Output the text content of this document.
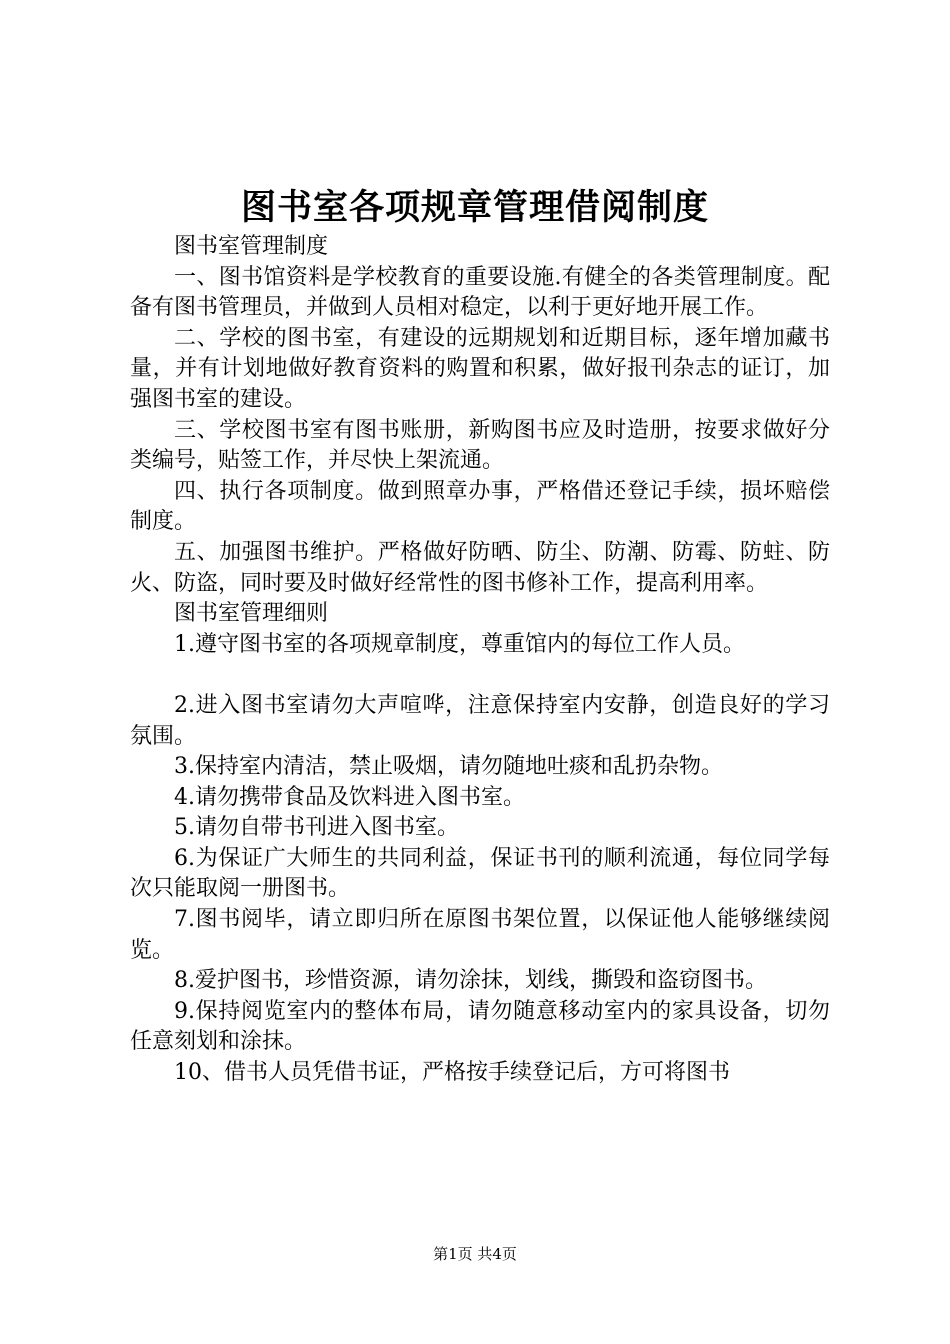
图书室各项规章管理借阅制度

图书室管理制度

一、图书馆资料是学校教育的重要设施.有健全的各类管理制度。配备有图书管理员，并做到人员相对稳定，以利于更好地开展工作。

二、学校的图书室，有建设的远期规划和近期目标，逐年增加藏书量，并有计划地做好教育资料的购置和积累，做好报刊杂志的证订，加强图书室的建设。

三、学校图书室有图书账册，新购图书应及时造册，按要求做好分类编号，贴签工作，并尽快上架流通。

四、执行各项制度。做到照章办事，严格借还登记手续，损坏赔偿制度。

五、加强图书维护。严格做好防晒、防尘、防潮、防霉、防蛀、防火、防盗，同时要及时做好经常性的图书修补工作，提高利用率。

图书室管理细则

1.遵守图书室的各项规章制度，尊重馆内的每位工作人员。

2.进入图书室请勿大声喧哗，注意保持室内安静，创造良好的学习氛围。

3.保持室内清洁，禁止吸烟，请勿随地吐痰和乱扔杂物。

4.请勿携带食品及饮料进入图书室。

5.请勿自带书刊进入图书室。

6.为保证广大师生的共同利益，保证书刊的顺利流通，每位同学每次只能取阅一册图书。

7.图书阅毕，请立即归所在原图书架位置，以保证他人能够继续阅览。

8.爱护图书，珍惜资源，请勿涂抹，划线，撕毁和盗窃图书。

9.保持阅览室内的整体布局，请勿随意移动室内的家具设备，切勿任意刻划和涂抹。

10、借书人员凭借书证，严格按手续登记后，方可将图书

第1页 共4页
